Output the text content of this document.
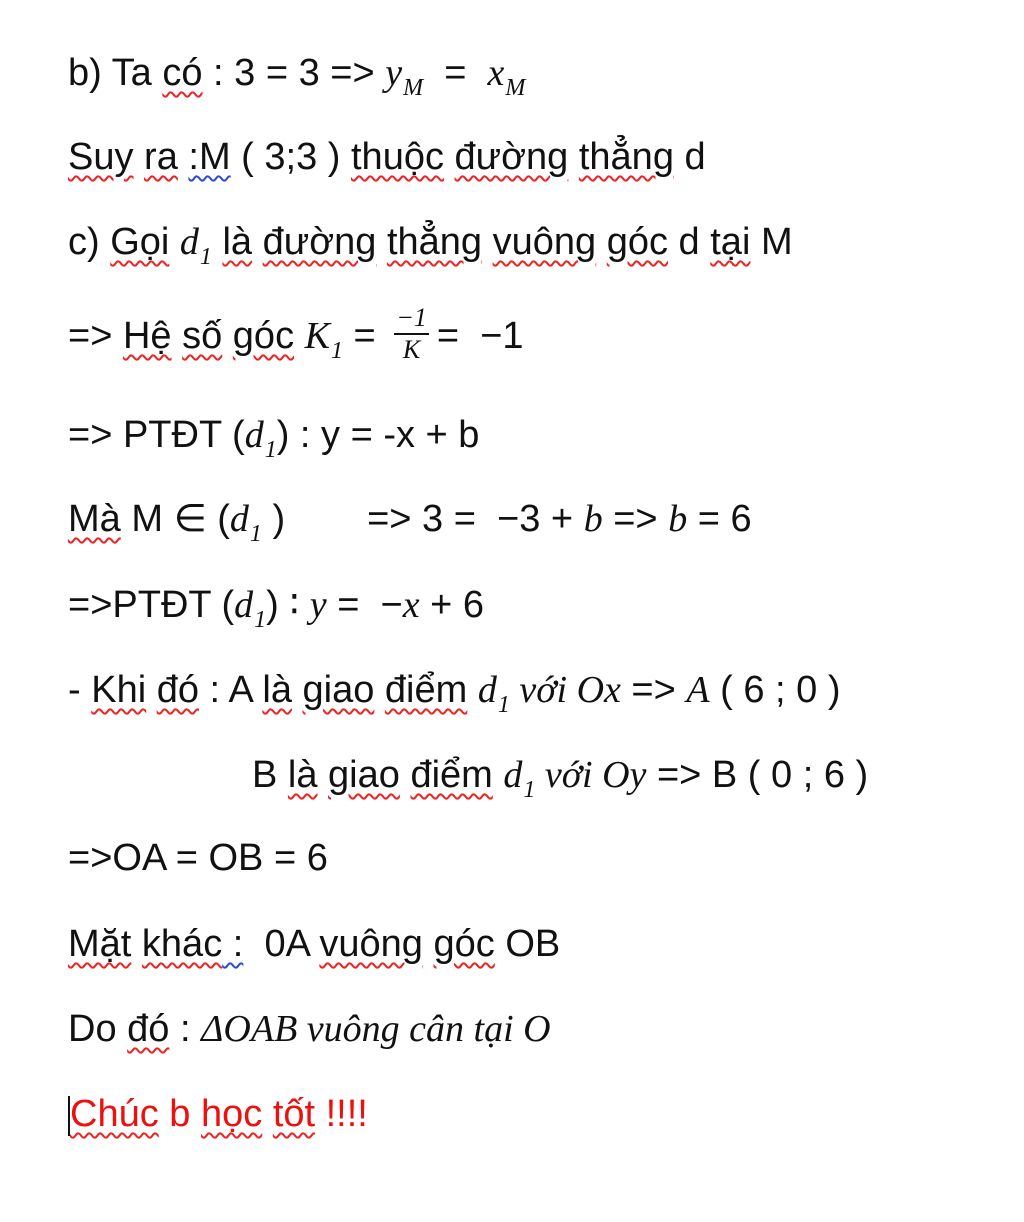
b) Ta có : $3 = 3 => y_M = x_M$
Suy ra :M ( 3;3 ) thuộc đường thẳng d
c) Gọi $d_1$ là đường thẳng vuông góc d tại M
=> Hệ số góc $K_1 = \frac{-1}{K} = -1$
=> PTĐT $(d_1)$ : y = -x + b
Mà M ∈ ($d_1$ ) => 3 =  −3 + b => b = 6
=>PTĐT $(d_1)$ ∶ y =  −x + 6
- Khi đó : A là giao điểm $d_1$ với Ox => A ( 6 ; 0 )
B là giao điểm $d_1$ với Oy => B ( 0 ; 6 )
=>OA = OB = 6
Mặt khác :  0A vuông góc OB
Do đó : ΔOAB vuông cân tại O
Chúc b học tốt !!!!
